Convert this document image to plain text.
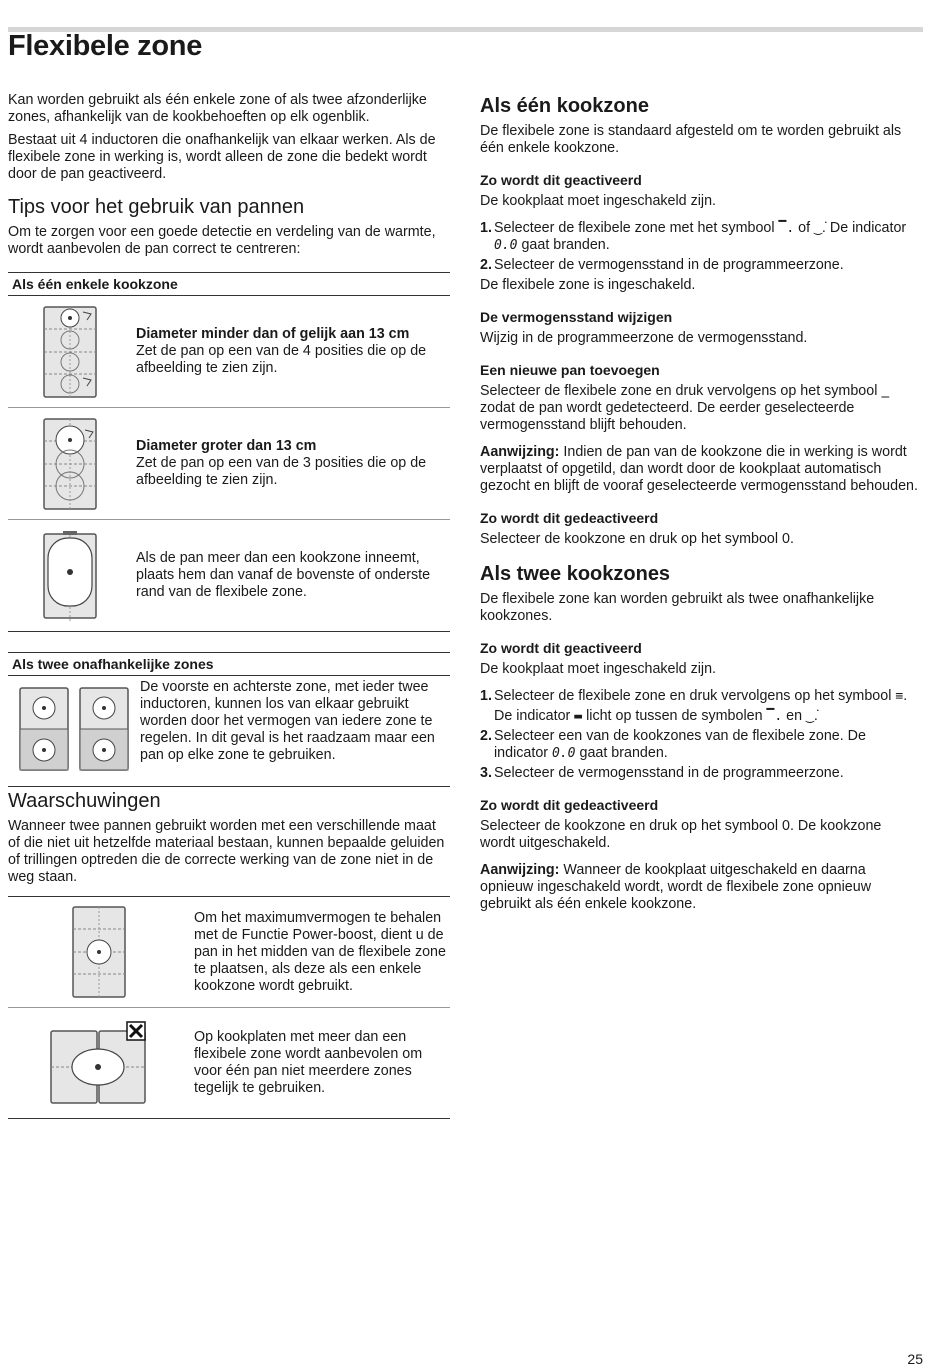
Flexibele zone

Kan worden gebruikt als één enkele zone of als twee afzonderlijke zones, afhankelijk van de kookbehoeften op elk ogenblik.

Bestaat uit 4 inductoren die onafhankelijk van elkaar werken. Als de flexibele zone in werking is, wordt alleen de zone die bedekt wordt door de pan geactiveerd.

Tips voor het gebruik van pannen

Om te zorgen voor een goede detectie en verdeling van de warmte, wordt aanbevolen de pan correct te centreren:

Als één enkele kookzone
Diameter minder dan of gelijk aan 13 cm
Zet de pan op een van de 4 posities die op de afbeelding te zien zijn.
Diameter groter dan 13 cm
Zet de pan op een van de 3 posities die op de afbeelding te zien zijn.
Als de pan meer dan een kookzone inneemt, plaats hem dan vanaf de bovenste of onderste rand van de flexibele zone.
Als twee onafhankelijke zones
De voorste en achterste zone, met ieder twee inductoren, kunnen los van elkaar gebruikt worden door het vermogen van iedere zone te regelen. In dit geval is het raadzaam maar een pan op elke zone te gebruiken.
Waarschuwingen

Wanneer twee pannen gebruikt worden met een verschillende maat of die niet uit hetzelfde materiaal bestaan, kunnen bepaalde geluiden of trillingen optreden die de correcte werking van de zone niet in de weg staan.

Om het maximumvermogen te behalen met de Functie Power-boost, dient u de pan in het midden van de flexibele zone te plaatsen, als deze als een enkele kookzone wordt gebruikt.
Op kookplaten met meer dan een flexibele zone wordt aanbevolen om voor één pan niet meerdere zones tegelijk te gebruiken.
Als één kookzone

De flexibele zone is standaard afgesteld om te worden gebruikt als één enkele kookzone.

Zo wordt dit geactiveerd

De kookplaat moet ingeschakeld zijn.

1. Selecteer de flexibele zone met het symbool ▔. of ‿̇. De indicator 0.0 gaat branden.
2. Selecteer de vermogensstand in de programmeerzone.

De flexibele zone is ingeschakeld.

De vermogensstand wijzigen

Wijzig in de programmeerzone de vermogensstand.

Een nieuwe pan toevoegen

Selecteer de flexibele zone en druk vervolgens op het symbool ‗ zodat de pan wordt gedetecteerd. De eerder geselecteerde vermogensstand blijft behouden.

Aanwijzing: Indien de pan van de kookzone die in werking is wordt verplaatst of opgetild, dan wordt door de kookplaat automatisch gezocht en blijft de vooraf geselecteerde vermogensstand behouden.

Zo wordt dit gedeactiveerd

Selecteer de kookzone en druk op het symbool 0.

Als twee kookzones

De flexibele zone kan worden gebruikt als twee onafhankelijke kookzones.

Zo wordt dit geactiveerd

De kookplaat moet ingeschakeld zijn.

1. Selecteer de flexibele zone en druk vervolgens op het symbool ≡.
De indicator ▬ licht op tussen de symbolen ▔. en ‿̇.
2. Selecteer een van de kookzones van de flexibele zone. De indicator 0.0 gaat branden.
3. Selecteer de vermogensstand in de programmeerzone.
Zo wordt dit gedeactiveerd

Selecteer de kookzone en druk op het symbool 0. De kookzone wordt uitgeschakeld.

Aanwijzing: Wanneer de kookplaat uitgeschakeld en daarna opnieuw ingeschakeld wordt, wordt de flexibele zone opnieuw gebruikt als één enkele kookzone.

25
